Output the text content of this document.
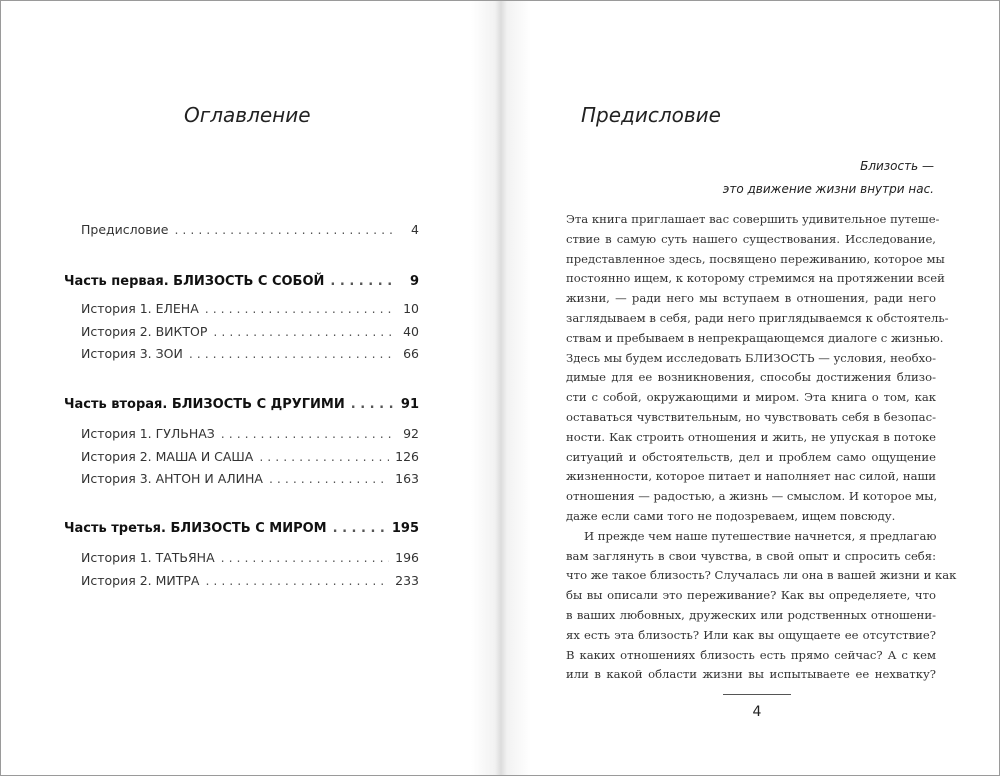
Оглавление
Предисловие . . .	4
Часть первая. БЛИЗОСТЬ С СОБОЙ . . .	9
История 1. ЕЛЕНА . . .	10
История 2. ВИКТОР . . .	40
История 3. ЗОИ . . .	66
Часть вторая. БЛИЗОСТЬ С ДРУГИМИ . . .	91
История 1. ГУЛЬНАЗ . . .	92
История 2. МАША И САША . . .	126
История 3. АНТОН И АЛИНА . . .	163
Часть третья. БЛИЗОСТЬ С МИРОМ . . .	195
История 1. ТАТЬЯНА . . .	196
История 2. МИТРА . . .	233
Предисловие
Близость —
это движение жизни внутри нас.
Эта книга приглашает вас совершить удивительное путеше-
ствие в самую суть нашего существования. Исследование,
представленное здесь, посвящено переживанию, которое мы
постоянно ищем, к которому стремимся на протяжении всей
жизни, — ради него мы вступаем в отношения, ради него
заглядываем в себя, ради него приглядываемся к обстоятель-
ствам и пребываем в непрекращающемся диалоге с жизнью.
Здесь мы будем исследовать БЛИЗОСТЬ — условия, необхо-
димые для ее возникновения, способы достижения близо-
сти с собой, окружающими и миром. Эта книга о том, как
оставаться чувствительным, но чувствовать себя в безопас-
ности. Как строить отношения и жить, не упуская в потоке
ситуаций и обстоятельств, дел и проблем само ощущение
жизненности, которое питает и наполняет нас силой, наши
отношения — радостью, а жизнь — смыслом. И которое мы,
даже если сами того не подозреваем, ищем повсюду.
И прежде чем наше путешествие начнется, я предлагаю
вам заглянуть в свои чувства, в свой опыт и спросить себя:
что же такое близость? Случалась ли она в вашей жизни и как
бы вы описали это переживание? Как вы определяете, что
в ваших любовных, дружеских или родственных отношени-
ях есть эта близость? Или как вы ощущаете ее отсутствие?
В каких отношениях близость есть прямо сейчас? А с кем
или в какой области жизни вы испытываете ее нехватку?
4
